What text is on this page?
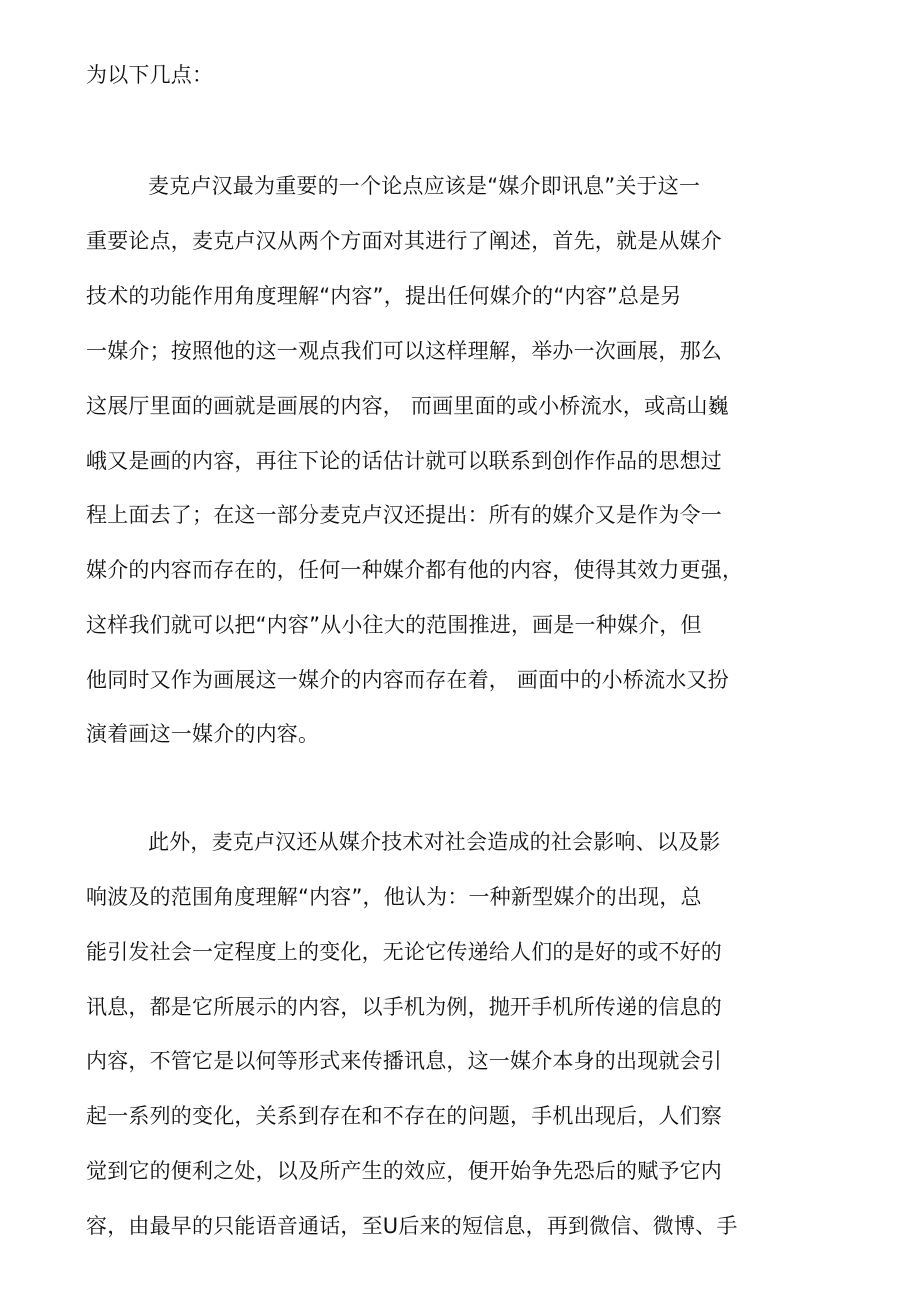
为以下几点：
麦克卢汉最为重要的一个论点应该是“媒介即讯息”关于这一
重要论点，麦克卢汉从两个方面对其进行了阐述，首先，就是从媒介
技术的功能作用角度理解“内容”，提出任何媒介的“内容”总是另
一媒介；按照他的这一观点我们可以这样理解，举办一次画展，那么
这展厅里面的画就是画展的内容， 而画里面的或小桥流水，或高山巍
峨又是画的内容，再往下论的话估计就可以联系到创作作品的思想过
程上面去了；在这一部分麦克卢汉还提出：所有的媒介又是作为令一
媒介的内容而存在的，任何一种媒介都有他的内容，使得其效力更强，
这样我们就可以把“内容”从小往大的范围推进，画是一种媒介，但
他同时又作为画展这一媒介的内容而存在着， 画面中的小桥流水又扮
演着画这一媒介的内容。
此外，麦克卢汉还从媒介技术对社会造成的社会影响、以及影
响波及的范围角度理解“内容”，他认为：一种新型媒介的出现，总
能引发社会一定程度上的变化，无论它传递给人们的是好的或不好的
讯息，都是它所展示的内容，以手机为例，抛开手机所传递的信息的
内容，不管它是以何等形式来传播讯息，这一媒介本身的出现就会引
起一系列的变化，关系到存在和不存在的问题，手机出现后，人们察
觉到它的便利之处，以及所产生的效应，便开始争先恐后的赋予它内
容，由最早的只能语音通话，至U后来的短信息，再到微信、微博、手
